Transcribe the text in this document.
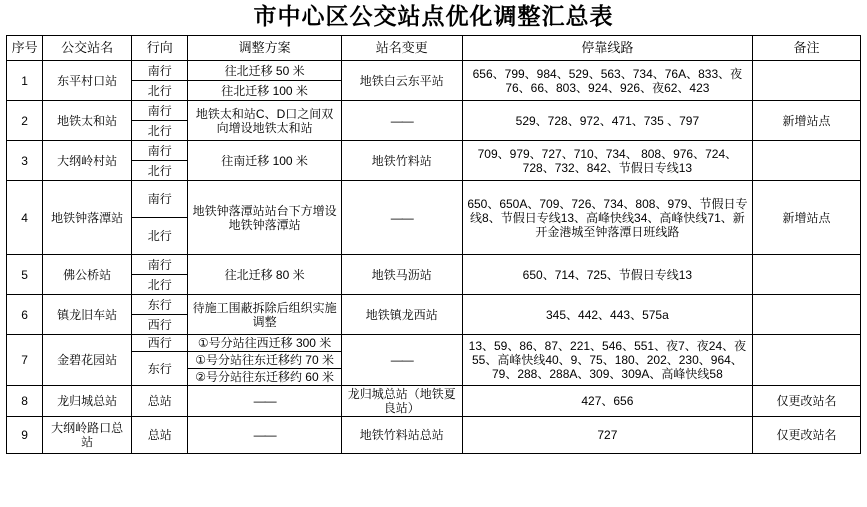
市中心区公交站点优化调整汇总表
序号	公交站名	行向	调整方案	站名变更	停靠线路	备注
1	东平村口站	南行	往北迁移 50 米	地铁白云东平站	656、799、984、529、563、734、76A、833、夜76、66、803、924、926、夜62、423	
		北行	往北迁移 100 米			
2	地铁太和站	南行	地铁太和站C、D口之间双向增设地铁太和站	——	529、728、972、471、735 、797	新增站点
		北行				
3	大纲岭村站	南行	往南迁移 100 米	地铁竹料站	709、979、727、710、734、 808、976、724、728、732、842、节假日专线13	
		北行				
4	地铁钟落潭站	南行	地铁钟落潭站站台下方增设地铁钟落潭站	——	650、650A、709、726、734、808、979、节假日专线8、节假日专线13、高峰快线34、高峰快线71、新开金港城至钟落潭日班线路	新增站点
		北行				
5	佛公桥站	南行	往北迁移 80 米	地铁马沥站	650、714、725、节假日专线13	
		北行				
6	镇龙旧车站	东行	待施工围蔽拆除后组织实施调整	地铁镇龙西站	345、442、443、575a	
		西行				
7	金碧花园站	西行	①号分站往西迁移 300 米	——	13、59、86、87、221、546、551、夜7、夜24、夜55、高峰快线40、9、75、180、202、230、964、79、288、288A、309、309A、高峰快线58	
		东行	①号分站往东迁移约 70 米			
			②号分站往东迁移约 60 米			
8	龙归城总站	总站	——	龙归城总站（地铁夏良站）	427、656	仅更改站名
9	大纲岭路口总站	总站	——	地铁竹料站总站	727	仅更改站名
